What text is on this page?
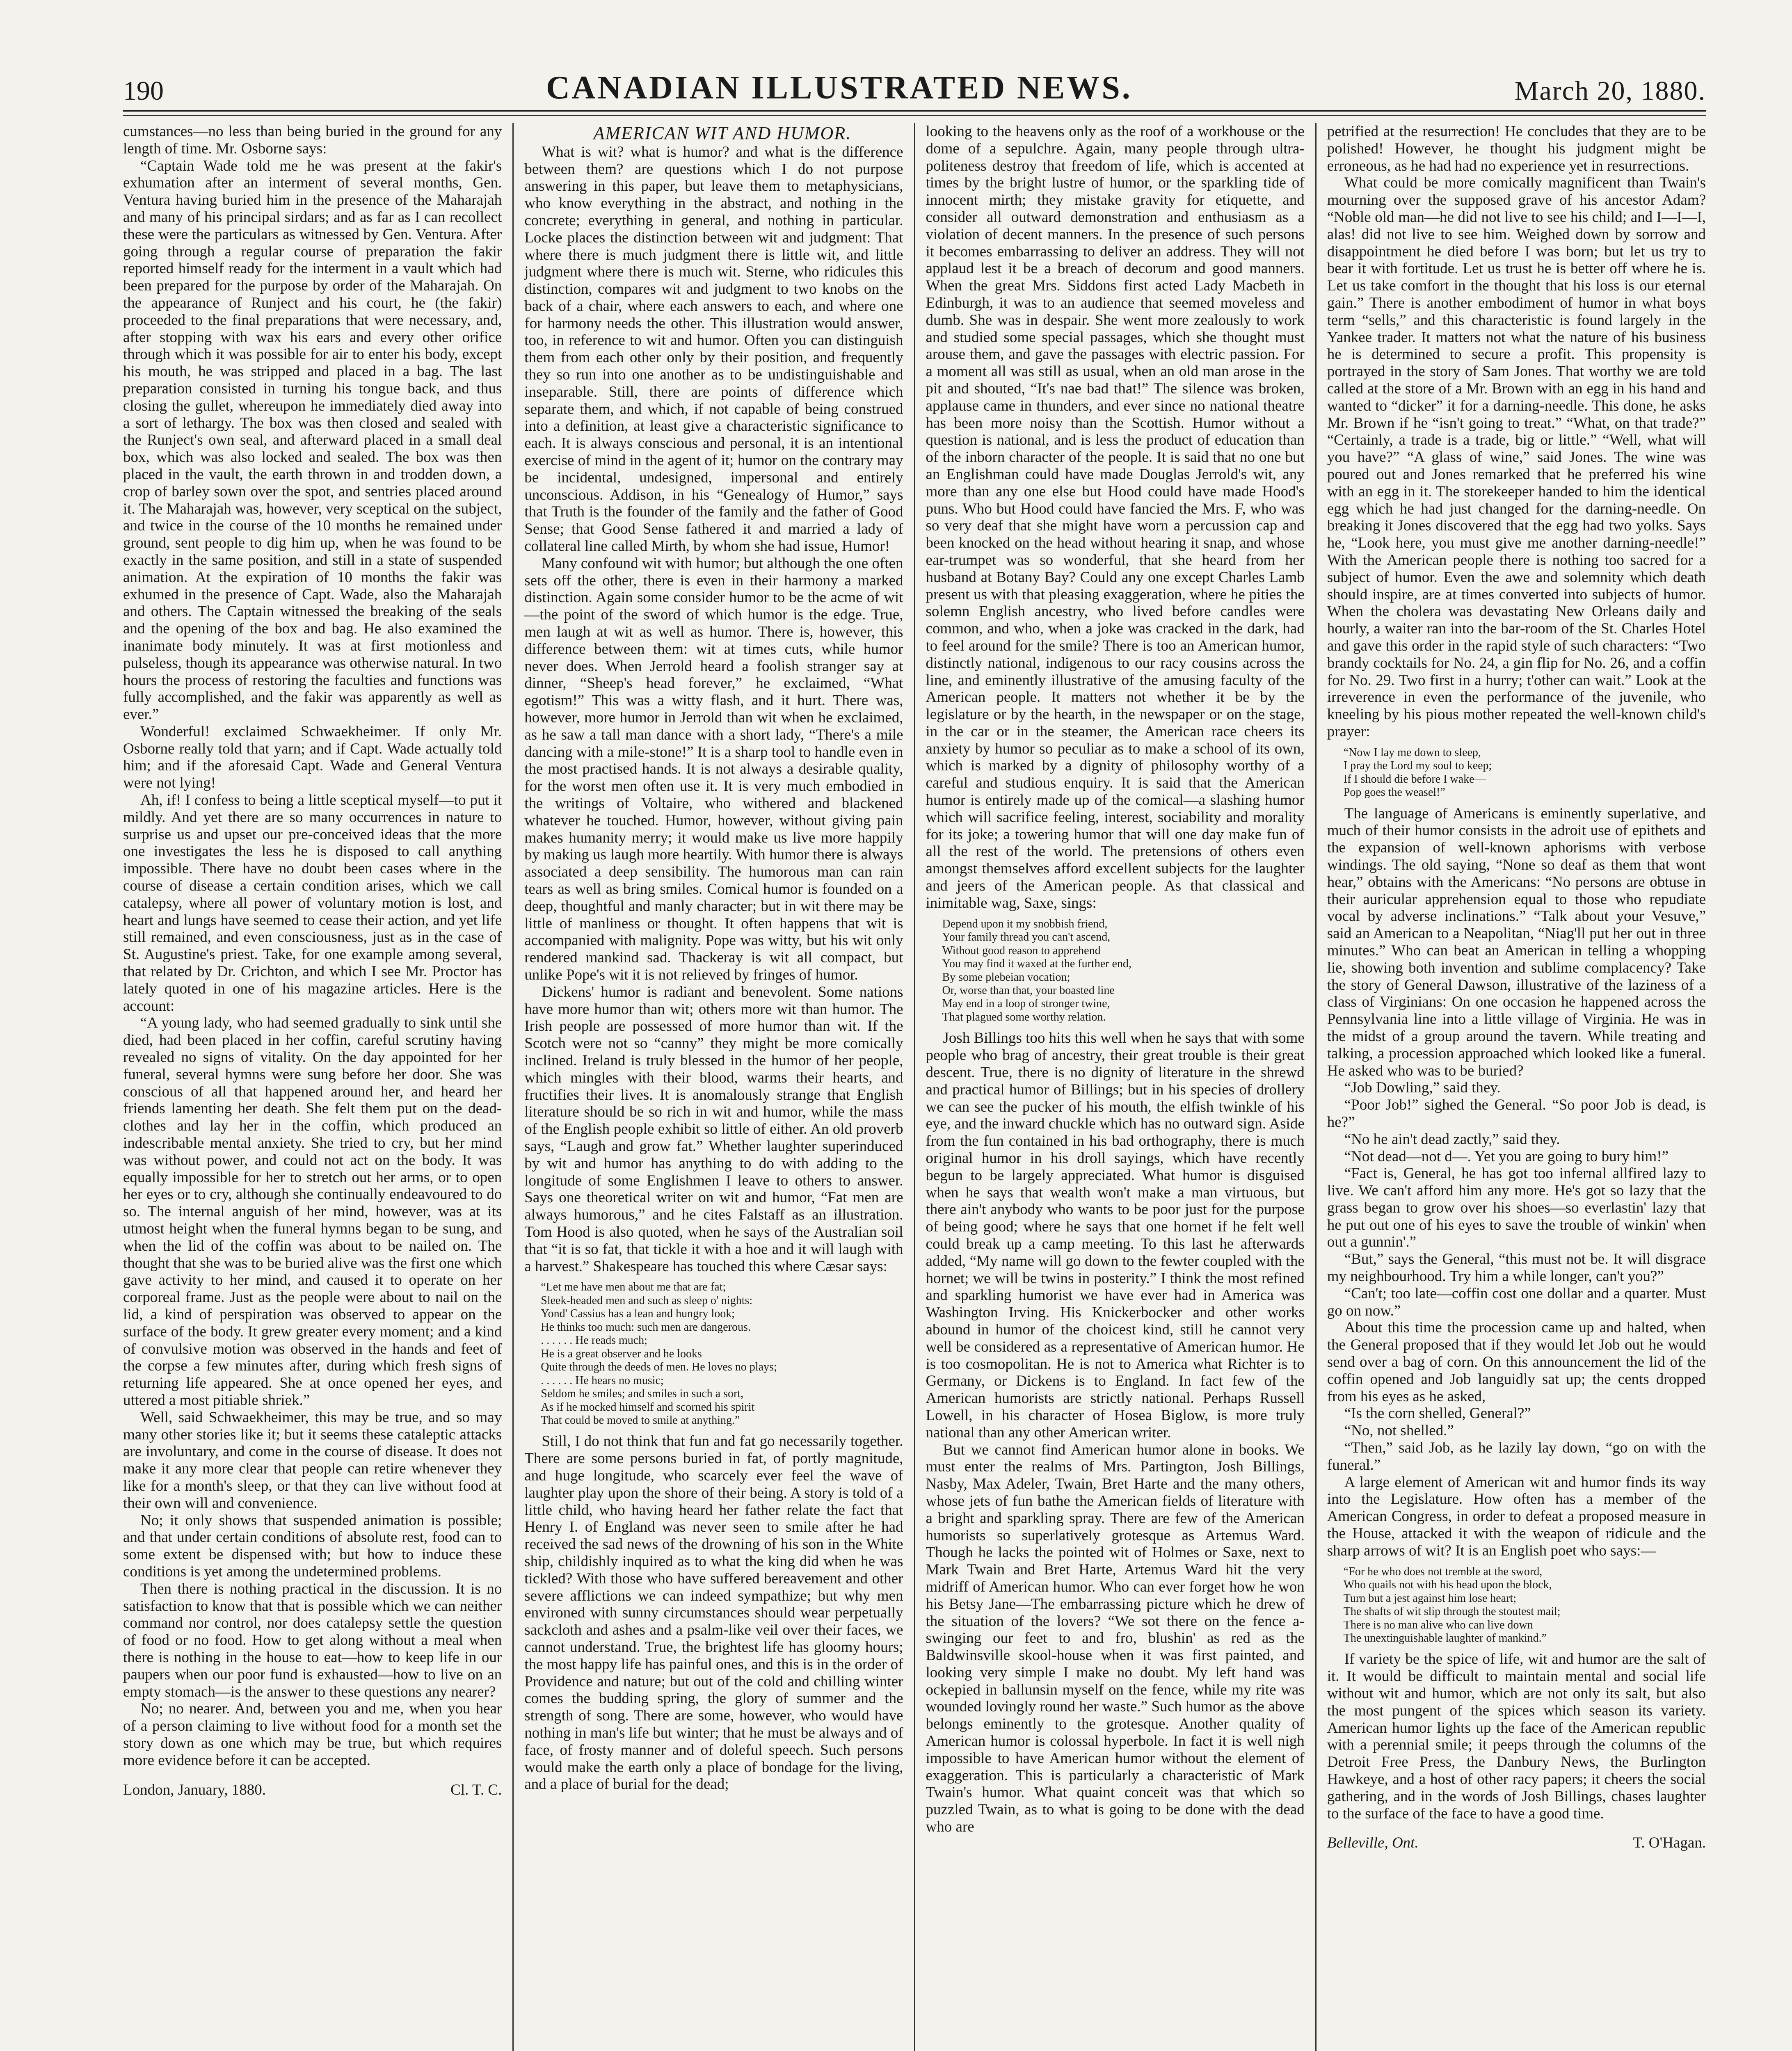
190	CANADIAN ILLUSTRATED NEWS.	March 20, 1880.

cumstances—no less than being buried in the ground for any length of time. Mr. Osborne says:

“Captain Wade told me he was present at the fakir's exhumation after an interment of several months, Gen. Ventura having buried him in the presence of the Maharajah and many of his principal sirdars; and as far as I can recollect these were the particulars as witnessed by Gen. Ventura. After going through a regular course of preparation the fakir reported himself ready for the interment in a vault which had been prepared for the purpose by order of the Maharajah. On the appearance of Runject and his court, he (the fakir) proceeded to the final preparations that were necessary, and, after stopping with wax his ears and every other orifice through which it was possible for air to enter his body, except his mouth, he was stripped and placed in a bag. The last preparation consisted in turning his tongue back, and thus closing the gullet, whereupon he immediately died away into a sort of lethargy. The box was then closed and sealed with the Runject's own seal, and afterward placed in a small deal box, which was also locked and sealed. The box was then placed in the vault, the earth thrown in and trodden down, a crop of barley sown over the spot, and sentries placed around it. The Maharajah was, however, very sceptical on the subject, and twice in the course of the 10 months he remained under ground, sent people to dig him up, when he was found to be exactly in the same position, and still in a state of suspended animation. At the expiration of 10 months the fakir was exhumed in the presence of Capt. Wade, also the Maharajah and others. The Captain witnessed the breaking of the seals and the opening of the box and bag. He also examined the inanimate body minutely. It was at first motionless and pulseless, though its appearance was otherwise natural. In two hours the process of restoring the faculties and functions was fully accomplished, and the fakir was apparently as well as ever.”

Wonderful! exclaimed Schwaekheimer. If only Mr. Osborne really told that yarn; and if Capt. Wade actually told him; and if the aforesaid Capt. Wade and General Ventura were not lying!

Ah, if! I confess to being a little sceptical myself—to put it mildly. And yet there are so many occurrences in nature to surprise us and upset our pre-conceived ideas that the more one investigates the less he is disposed to call anything impossible. There have no doubt been cases where in the course of disease a certain condition arises, which we call catalepsy, where all power of voluntary motion is lost, and heart and lungs have seemed to cease their action, and yet life still remained, and even consciousness, just as in the case of St. Augustine's priest. Take, for one example among several, that related by Dr. Crichton, and which I see Mr. Proctor has lately quoted in one of his magazine articles. Here is the account:

“A young lady, who had seemed gradually to sink until she died, had been placed in her coffin, careful scrutiny having revealed no signs of vitality. On the day appointed for her funeral, several hymns were sung before her door. She was conscious of all that happened around her, and heard her friends lamenting her death. She felt them put on the dead-clothes and lay her in the coffin, which produced an indescribable mental anxiety. She tried to cry, but her mind was without power, and could not act on the body. It was equally impossible for her to stretch out her arms, or to open her eyes or to cry, although she continually endeavoured to do so. The internal anguish of her mind, however, was at its utmost height when the funeral hymns began to be sung, and when the lid of the coffin was about to be nailed on. The thought that she was to be buried alive was the first one which gave activity to her mind, and caused it to operate on her corporeal frame. Just as the people were about to nail on the lid, a kind of perspiration was observed to appear on the surface of the body. It grew greater every moment; and a kind of convulsive motion was observed in the hands and feet of the corpse a few minutes after, during which fresh signs of returning life appeared. She at once opened her eyes, and uttered a most pitiable shriek.”

Well, said Schwaekheimer, this may be true, and so may many other stories like it; but it seems these cataleptic attacks are involuntary, and come in the course of disease. It does not make it any more clear that people can retire whenever they like for a month's sleep, or that they can live without food at their own will and convenience.

No; it only shows that suspended animation is possible; and that under certain conditions of absolute rest, food can to some extent be dispensed with; but how to induce these conditions is yet among the undetermined problems.

Then there is nothing practical in the discussion. It is no satisfaction to know that that is possible which we can neither command nor control, nor does catalepsy settle the question of food or no food. How to get along without a meal when there is nothing in the house to eat—how to keep life in our paupers when our poor fund is exhausted—how to live on an empty stomach—is the answer to these questions any nearer?

No; no nearer. And, between you and me, when you hear of a person claiming to live without food for a month set the story down as one which may be true, but which requires more evidence before it can be accepted.

London, January, 1880.	Cl. T. C.

AMERICAN WIT AND HUMOR.

What is wit? what is humor? and what is the difference between them? are questions which I do not purpose answering in this paper, but leave them to metaphysicians, who know everything in the abstract, and nothing in the concrete; everything in general, and nothing in particular. Locke places the distinction between wit and judgment: That where there is much judgment there is little wit, and little judgment where there is much wit. Sterne, who ridicules this distinction, compares wit and judgment to two knobs on the back of a chair, where each answers to each, and where one for harmony needs the other. This illustration would answer, too, in reference to wit and humor. Often you can distinguish them from each other only by their position, and frequently they so run into one another as to be undistinguishable and inseparable. Still, there are points of difference which separate them, and which, if not capable of being construed into a definition, at least give a characteristic significance to each. It is always conscious and personal, it is an intentional exercise of mind in the agent of it; humor on the contrary may be incidental, undesigned, impersonal and entirely unconscious. Addison, in his “Genealogy of Humor,” says that Truth is the founder of the family and the father of Good Sense; that Good Sense fathered it and married a lady of collateral line called Mirth, by whom she had issue, Humor!

Many confound wit with humor; but although the one often sets off the other, there is even in their harmony a marked distinction. Again some consider humor to be the acme of wit—the point of the sword of which humor is the edge. True, men laugh at wit as well as humor. There is, however, this difference between them: wit at times cuts, while humor never does. When Jerrold heard a foolish stranger say at dinner, “Sheep's head forever,” he exclaimed, “What egotism!” This was a witty flash, and it hurt. There was, however, more humor in Jerrold than wit when he exclaimed, as he saw a tall man dance with a short lady, “There's a mile dancing with a mile-stone!” It is a sharp tool to handle even in the most practised hands. It is not always a desirable quality, for the worst men often use it. It is very much embodied in the writings of Voltaire, who withered and blackened whatever he touched. Humor, however, without giving pain makes humanity merry; it would make us live more happily by making us laugh more heartily. With humor there is always associated a deep sensibility. The humorous man can rain tears as well as bring smiles. Comical humor is founded on a deep, thoughtful and manly character; but in wit there may be little of manliness or thought. It often happens that wit is accompanied with malignity. Pope was witty, but his wit only rendered mankind sad. Thackeray is wit all compact, but unlike Pope's wit it is not relieved by fringes of humor.

Dickens' humor is radiant and benevolent. Some nations have more humor than wit; others more wit than humor. The Irish people are possessed of more humor than wit. If the Scotch were not so “canny” they might be more comically inclined. Ireland is truly blessed in the humor of her people, which mingles with their blood, warms their hearts, and fructifies their lives. It is anomalously strange that English literature should be so rich in wit and humor, while the mass of the English people exhibit so little of either. An old proverb says, “Laugh and grow fat.” Whether laughter superinduced by wit and humor has anything to do with adding to the longitude of some Englishmen I leave to others to answer. Says one theoretical writer on wit and humor, “Fat men are always humorous,” and he cites Falstaff as an illustration. Tom Hood is also quoted, when he says of the Australian soil that “it is so fat, that tickle it with a hoe and it will laugh with a harvest.” Shakespeare has touched this where Cæsar says:

“Let me have men about me that are fat;
Sleek-headed men and such as sleep o' nights:
Yond' Cassius has a lean and hungry look;
He thinks too much: such men are dangerous.
. . . . . . He reads much;
He is a great observer and he looks
Quite through the deeds of men. He loves no plays;
. . . . . . He hears no music;
Seldom he smiles; and smiles in such a sort,
As if he mocked himself and scorned his spirit
That could be moved to smile at anything.”

Still, I do not think that fun and fat go necessarily together. There are some persons buried in fat, of portly magnitude, and huge longitude, who scarcely ever feel the wave of laughter play upon the shore of their being. A story is told of a little child, who having heard her father relate the fact that Henry I. of England was never seen to smile after he had received the sad news of the drowning of his son in the White ship, childishly inquired as to what the king did when he was tickled? With those who have suffered bereavement and other severe afflictions we can indeed sympathize; but why men environed with sunny circumstances should wear perpetually sackcloth and ashes and a psalm-like veil over their faces, we cannot understand. True, the brightest life has gloomy hours; the most happy life has painful ones, and this is in the order of Providence and nature; but out of the cold and chilling winter comes the budding spring, the glory of summer and the strength of song. There are some, however, who would have nothing in man's life but winter; that he must be always and of face, of frosty manner and of doleful speech. Such persons would make the earth only a place of bondage for the living, and a place of burial for the dead;

looking to the heavens only as the roof of a workhouse or the dome of a sepulchre. Again, many people through ultra-politeness destroy that freedom of life, which is accented at times by the bright lustre of humor, or the sparkling tide of innocent mirth; they mistake gravity for etiquette, and consider all outward demonstration and enthusiasm as a violation of decent manners. In the presence of such persons it becomes embarrassing to deliver an address. They will not applaud lest it be a breach of decorum and good manners. When the great Mrs. Siddons first acted Lady Macbeth in Edinburgh, it was to an audience that seemed moveless and dumb. She was in despair. She went more zealously to work and studied some special passages, which she thought must arouse them, and gave the passages with electric passion. For a moment all was still as usual, when an old man arose in the pit and shouted, “It's nae bad that!” The silence was broken, applause came in thunders, and ever since no national theatre has been more noisy than the Scottish. Humor without a question is national, and is less the product of education than of the inborn character of the people. It is said that no one but an Englishman could have made Douglas Jerrold's wit, any more than any one else but Hood could have made Hood's puns. Who but Hood could have fancied the Mrs. F, who was so very deaf that she might have worn a percussion cap and been knocked on the head without hearing it snap, and whose ear-trumpet was so wonderful, that she heard from her husband at Botany Bay? Could any one except Charles Lamb present us with that pleasing exaggeration, where he pities the solemn English ancestry, who lived before candles were common, and who, when a joke was cracked in the dark, had to feel around for the smile? There is too an American humor, distinctly national, indigenous to our racy cousins across the line, and eminently illustrative of the amusing faculty of the American people. It matters not whether it be by the legislature or by the hearth, in the newspaper or on the stage, in the car or in the steamer, the American race cheers its anxiety by humor so peculiar as to make a school of its own, which is marked by a dignity of philosophy worthy of a careful and studious enquiry. It is said that the American humor is entirely made up of the comical—a slashing humor which will sacrifice feeling, interest, sociability and morality for its joke; a towering humor that will one day make fun of all the rest of the world. The pretensions of others even amongst themselves afford excellent subjects for the laughter and jeers of the American people. As that classical and inimitable wag, Saxe, sings:

Depend upon it my snobbish friend,
Your family thread you can't ascend,
Without good reason to apprehend
You may find it waxed at the further end,
By some plebeian vocation;
Or, worse than that, your boasted line
May end in a loop of stronger twine,
That plagued some worthy relation.

Josh Billings too hits this well when he says that with some people who brag of ancestry, their great trouble is their great descent. True, there is no dignity of literature in the shrewd and practical humor of Billings; but in his species of drollery we can see the pucker of his mouth, the elfish twinkle of his eye, and the inward chuckle which has no outward sign. Aside from the fun contained in his bad orthography, there is much original humor in his droll sayings, which have recently begun to be largely appreciated. What humor is disguised when he says that wealth won't make a man virtuous, but there ain't anybody who wants to be poor just for the purpose of being good; where he says that one hornet if he felt well could break up a camp meeting. To this last he afterwards added, “My name will go down to the fewter coupled with the hornet; we will be twins in posterity.” I think the most refined and sparkling humorist we have ever had in America was Washington Irving. His Knickerbocker and other works abound in humor of the choicest kind, still he cannot very well be considered as a representative of American humor. He is too cosmopolitan. He is not to America what Richter is to Germany, or Dickens is to England. In fact few of the American humorists are strictly national. Perhaps Russell Lowell, in his character of Hosea Biglow, is more truly national than any other American writer.

But we cannot find American humor alone in books. We must enter the realms of Mrs. Partington, Josh Billings, Nasby, Max Adeler, Twain, Bret Harte and the many others, whose jets of fun bathe the American fields of literature with a bright and sparkling spray. There are few of the American humorists so superlatively grotesque as Artemus Ward. Though he lacks the pointed wit of Holmes or Saxe, next to Mark Twain and Bret Harte, Artemus Ward hit the very midriff of American humor. Who can ever forget how he won his Betsy Jane—The embarrassing picture which he drew of the situation of the lovers? “We sot there on the fence a-swinging our feet to and fro, blushin' as red as the Baldwinsville skool-house when it was first painted, and looking very simple I make no doubt. My left hand was ockepied in ballunsin myself on the fence, while my rite was wounded lovingly round her waste.” Such humor as the above belongs eminently to the grotesque. Another quality of American humor is colossal hyperbole. In fact it is well nigh impossible to have American humor without the element of exaggeration. This is particularly a characteristic of Mark Twain's humor. What quaint conceit was that which so puzzled Twain, as to what is going to be done with the dead who are

petrified at the resurrection! He concludes that they are to be polished! However, he thought his judgment might be erroneous, as he had had no experience yet in resurrections.

What could be more comically magnificent than Twain's mourning over the supposed grave of his ancestor Adam? “Noble old man—he did not live to see his child; and I—I—I, alas! did not live to see him. Weighed down by sorrow and disappointment he died before I was born; but let us try to bear it with fortitude. Let us trust he is better off where he is. Let us take comfort in the thought that his loss is our eternal gain.” There is another embodiment of humor in what boys term “sells,” and this characteristic is found largely in the Yankee trader. It matters not what the nature of his business he is determined to secure a profit. This propensity is portrayed in the story of Sam Jones. That worthy we are told called at the store of a Mr. Brown with an egg in his hand and wanted to “dicker” it for a darning-needle. This done, he asks Mr. Brown if he “isn't going to treat.” “What, on that trade?” “Certainly, a trade is a trade, big or little.” “Well, what will you have?” “A glass of wine,” said Jones. The wine was poured out and Jones remarked that he preferred his wine with an egg in it. The storekeeper handed to him the identical egg which he had just changed for the darning-needle. On breaking it Jones discovered that the egg had two yolks. Says he, “Look here, you must give me another darning-needle!” With the American people there is nothing too sacred for a subject of humor. Even the awe and solemnity which death should inspire, are at times converted into subjects of humor. When the cholera was devastating New Orleans daily and hourly, a waiter ran into the bar-room of the St. Charles Hotel and gave this order in the rapid style of such characters: “Two brandy cocktails for No. 24, a gin flip for No. 26, and a coffin for No. 29. Two first in a hurry; t'other can wait.” Look at the irreverence in even the performance of the juvenile, who kneeling by his pious mother repeated the well-known child's prayer:

“Now I lay me down to sleep,
I pray the Lord my soul to keep;
If I should die before I wake—
Pop goes the weasel!”

The language of Americans is eminently superlative, and much of their humor consists in the adroit use of epithets and the expansion of well-known aphorisms with verbose windings. The old saying, “None so deaf as them that wont hear,” obtains with the Americans: “No persons are obtuse in their auricular apprehension equal to those who repudiate vocal by adverse inclinations.” “Talk about your Vesuve,” said an American to a Neapolitan, “Niag'll put her out in three minutes.” Who can beat an American in telling a whopping lie, showing both invention and sublime complacency? Take the story of General Dawson, illustrative of the laziness of a class of Virginians: On one occasion he happened across the Pennsylvania line into a little village of Virginia. He was in the midst of a group around the tavern. While treating and talking, a procession approached which looked like a funeral. He asked who was to be buried?

“Job Dowling,” said they.

“Poor Job!” sighed the General. “So poor Job is dead, is he?”

“No he ain't dead zactly,” said they.

“Not dead—not d—. Yet you are going to bury him!”

“Fact is, General, he has got too infernal allfired lazy to live. We can't afford him any more. He's got so lazy that the grass began to grow over his shoes—so everlastin' lazy that he put out one of his eyes to save the trouble of winkin' when out a gunnin'.”

“But,” says the General, “this must not be. It will disgrace my neighbourhood. Try him a while longer, can't you?”

“Can't; too late—coffin cost one dollar and a quarter. Must go on now.”

About this time the procession came up and halted, when the General proposed that if they would let Job out he would send over a bag of corn. On this announcement the lid of the coffin opened and Job languidly sat up; the cents dropped from his eyes as he asked,

“Is the corn shelled, General?”

“No, not shelled.”

“Then,” said Job, as he lazily lay down, “go on with the funeral.”

A large element of American wit and humor finds its way into the Legislature. How often has a member of the American Congress, in order to defeat a proposed measure in the House, attacked it with the weapon of ridicule and the sharp arrows of wit? It is an English poet who says:—

“For he who does not tremble at the sword,
Who quails not with his head upon the block,
Turn but a jest against him lose heart;
The shafts of wit slip through the stoutest mail;
There is no man alive who can live down
The unextinguishable laughter of mankind.”

If variety be the spice of life, wit and humor are the salt of it. It would be difficult to maintain mental and social life without wit and humor, which are not only its salt, but also the most pungent of the spices which season its variety. American humor lights up the face of the American republic with a perennial smile; it peeps through the columns of the Detroit Free Press, the Danbury News, the Burlington Hawkeye, and a host of other racy papers; it cheers the social gathering, and in the words of Josh Billings, chases laughter to the surface of the face to have a good time.

Belleville, Ont.	T. O'Hagan.
